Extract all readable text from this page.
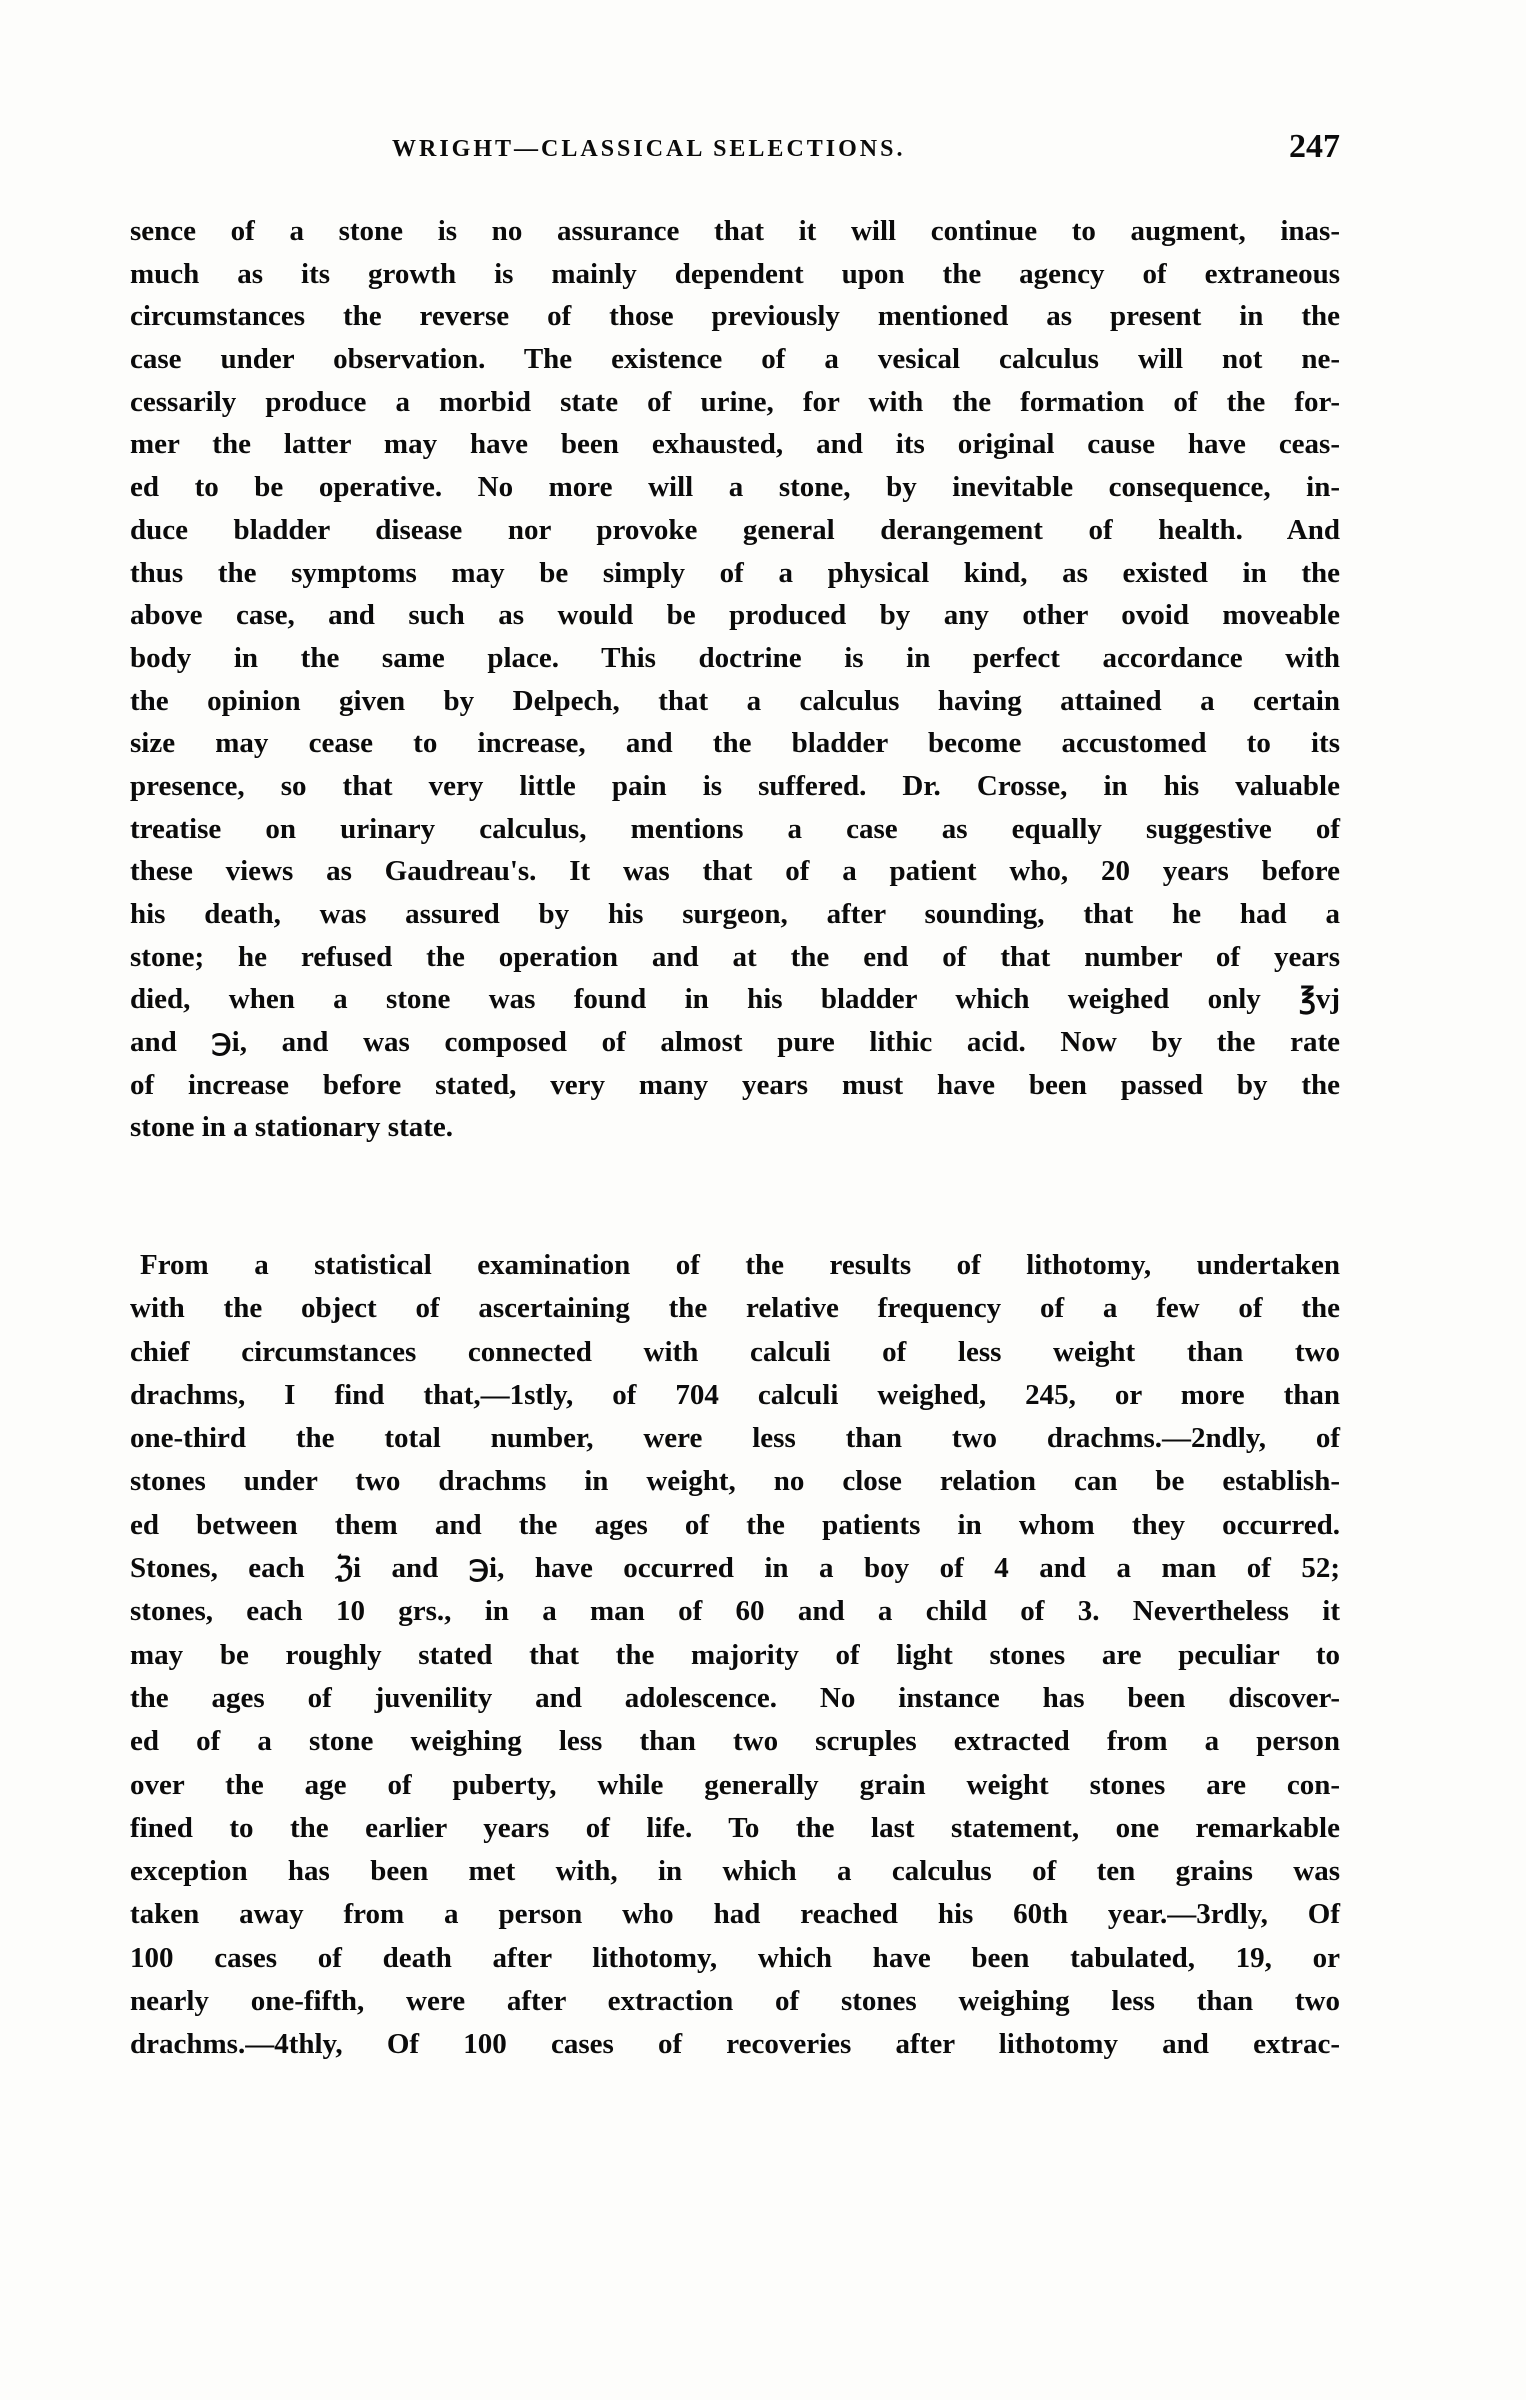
WRIGHT—CLASSICAL SELECTIONS.	247
sence of a stone is no assurance that it will continue to augment, inas-
much as its growth is mainly dependent upon the agency of extraneous
circumstances the reverse of those previously mentioned as present in the
case under observation. The existence of a vesical calculus will not ne-
cessarily produce a morbid state of urine, for with the formation of the for-
mer the latter may have been exhausted, and its original cause have ceas-
ed to be operative. No more will a stone, by inevitable consequence, in-
duce bladder disease nor provoke general derangement of health. And
thus the symptoms may be simply of a physical kind, as existed in the
above case, and such as would be produced by any other ovoid moveable
body in the same place. This doctrine is in perfect accordance with
the opinion given by Delpech, that a calculus having attained a certain
size may cease to increase, and the bladder become accustomed to its
presence, so that very little pain is suffered. Dr. Crosse, in his valuable
treatise on urinary calculus, mentions a case as equally suggestive of
these views as Gaudreau's. It was that of a patient who, 20 years before
his death, was assured by his surgeon, after sounding, that he had a
stone; he refused the operation and at the end of that number of years
died, when a stone was found in his bladder which weighed only ℥vj
and ℈i, and was composed of almost pure lithic acid. Now by the rate
of increase before stated, very many years must have been passed by the
stone in a stationary state.
From a statistical examination of the results of lithotomy, undertaken
with the object of ascertaining the relative frequency of a few of the
chief circumstances connected with calculi of less weight than two
drachms, I find that,—1stly, of 704 calculi weighed, 245, or more than
one-third the total number, were less than two drachms.—2ndly, of
stones under two drachms in weight, no close relation can be establish-
ed between them and the ages of the patients in whom they occurred.
Stones, each ℨi and ℈i, have occurred in a boy of 4 and a man of 52;
stones, each 10 grs., in a man of 60 and a child of 3. Nevertheless it
may be roughly stated that the majority of light stones are peculiar to
the ages of juvenility and adolescence. No instance has been discover-
ed of a stone weighing less than two scruples extracted from a person
over the age of puberty, while generally grain weight stones are con-
fined to the earlier years of life. To the last statement, one remarkable
exception has been met with, in which a calculus of ten grains was
taken away from a person who had reached his 60th year.—3rdly, Of
100 cases of death after lithotomy, which have been tabulated, 19, or
nearly one-fifth, were after extraction of stones weighing less than two
drachms.—4thly, Of 100 cases of recoveries after lithotomy and extrac-
